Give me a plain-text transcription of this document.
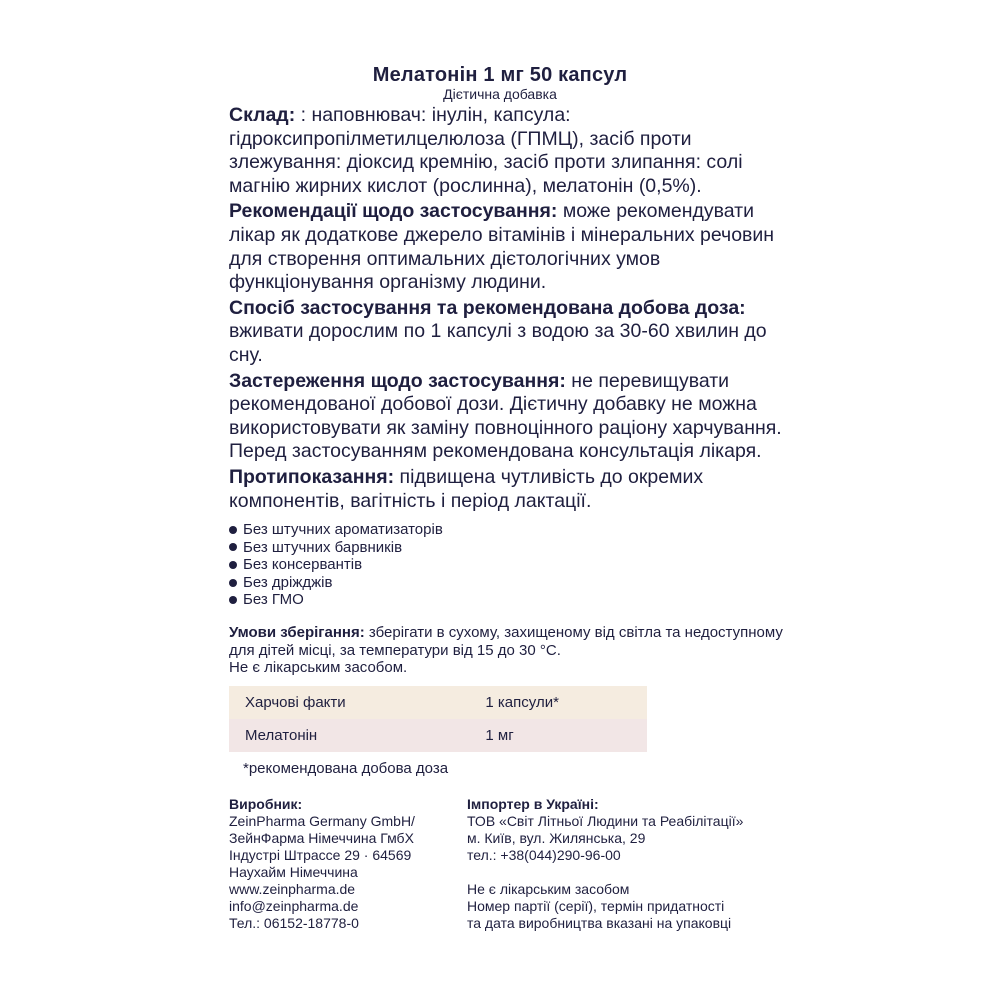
Мелатонін 1 мг 50 капсул
Дієтична добавка

Склад: : наповнювач: інулін, капсула: гідроксипропілметилцелюлоза (ГПМЦ), засіб проти злежування: діоксид кремнію, засіб проти злипання: солі магнію жирних кислот (рослинна), мелатонін (0,5%).

Рекомендації щодо застосування: може рекомендувати лікар як додаткове джерело вітамінів і мінеральних речовин для створення оптимальних дієтологічних умов функціонування організму людини.

Спосіб застосування та рекомендована добова доза: вживати дорослим по 1 капсулі з водою за 30-60 хвилин до сну.

Застереження щодо застосування: не перевищувати рекомендованої добової дози. Дієтичну добавку не можна використовувати як заміну повноцінного раціону харчування. Перед застосуванням рекомендована консультація лікаря.

Протипоказання: підвищена чутливість до окремих компонентів, вагітність і період лактації.

Без штучних ароматизаторів
Без штучних барвників
Без консервантів
Без дріжджів
Без ГМО
Умови зберігання: зберігати в сухому, захищеному від світла та недоступному для дітей місці, за температури від 15 до 30 °С.
Не є лікарським засобом.
Харчові факти	1 капсули*
Мелатонін	1 мг
*рекомендована добова доза
Виробник:
ZeinPharma Germany GmbH/
ЗейнФарма Німеччина ГмбХ
Індустрі Штрассе 29 · 64569
Наухайм Німеччина
www.zeinpharma.de
info@zeinpharma.de
Тел.: 06152-18778-0
Імпортер в Україні:
ТОВ «Світ Літньої Людини та Реабілітації»
м. Київ, вул. Жилянська, 29
тел.: +38(044)290-96-00
Не є лікарським засобом
Номер партії (серії), термін придатності
та дата виробництва вказані на упаковці
